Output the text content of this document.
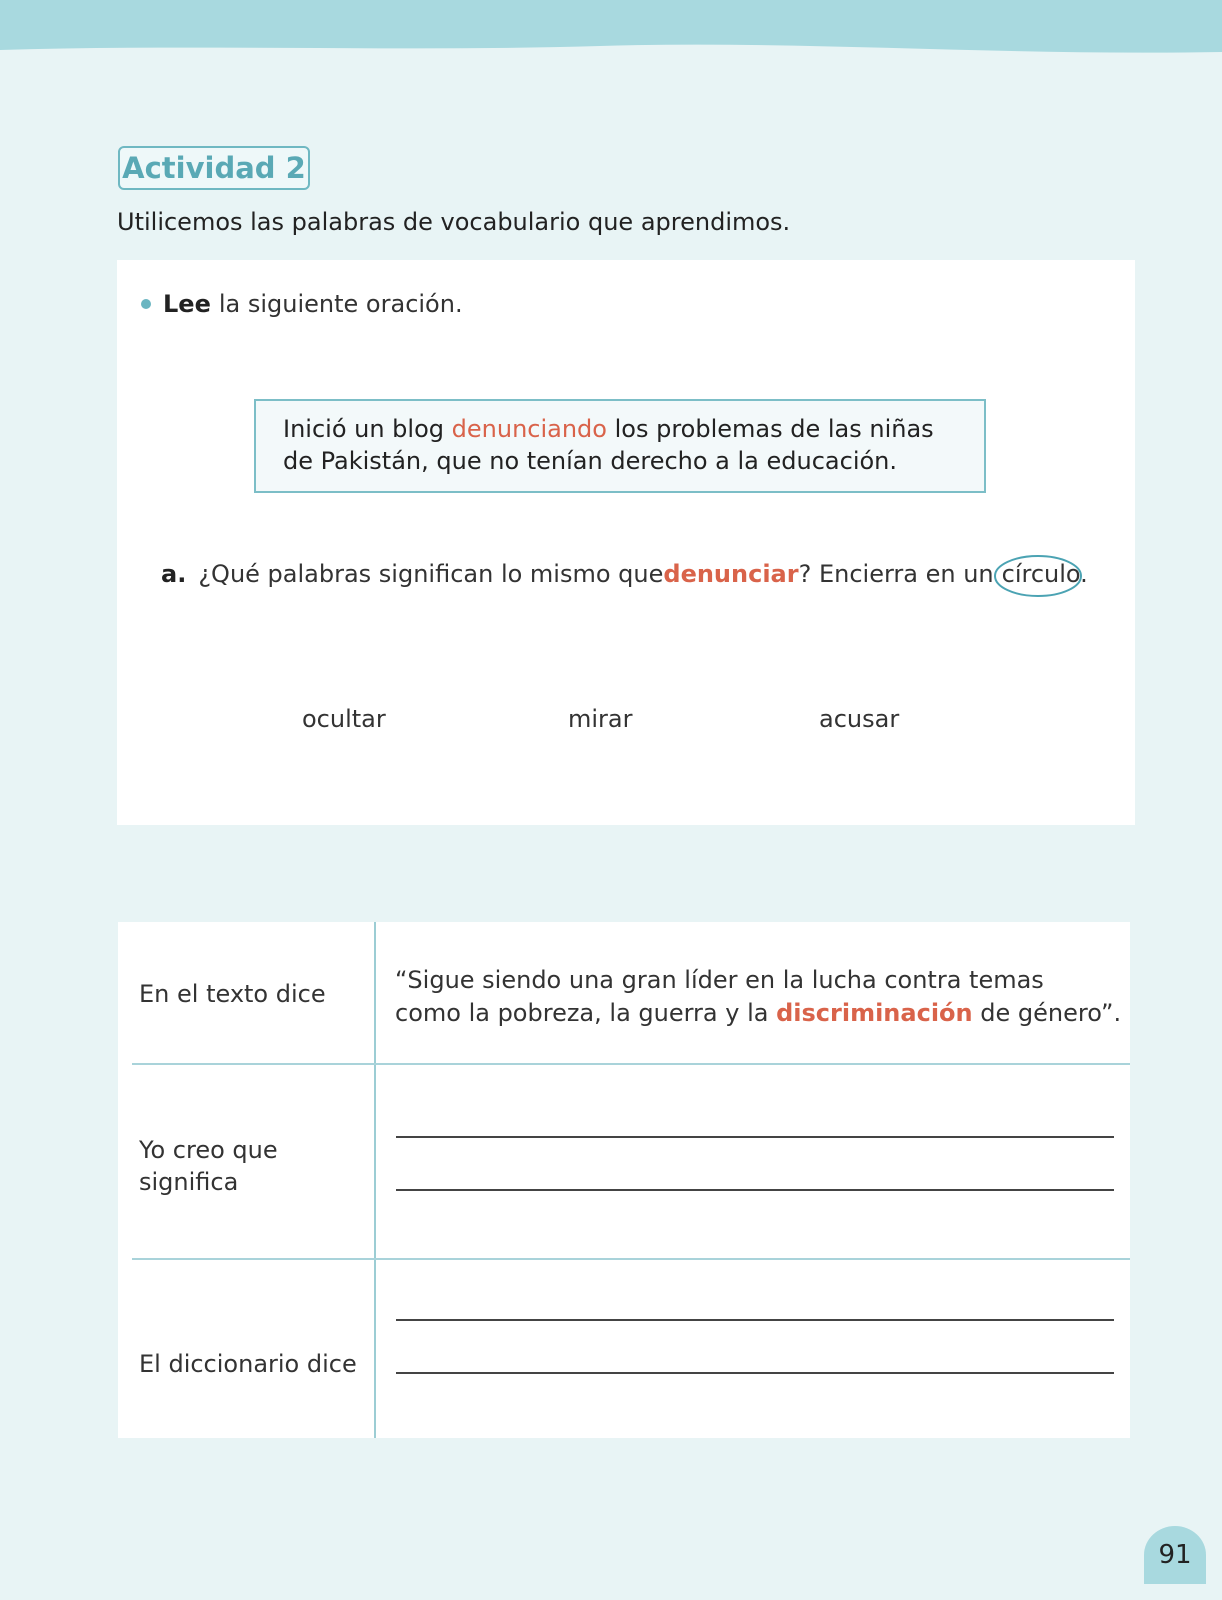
Actividad 2
Utilicemos las palabras de vocabulario que aprendimos.
Lee la siguiente oración.
Inició un blog denunciando los problemas de las niñas
de Pakistán, que no tenían derecho a la educación.
a. ¿Qué palabras significan lo mismo que denunciar ? Encierra en un círculo.
ocultar	mirar	acusar
En el texto dice	“Sigue siendo una gran líder en la lucha contra temas
como la pobreza, la guerra y la discriminación de género”.
Yo creo que
significa
El diccionario dice
91
